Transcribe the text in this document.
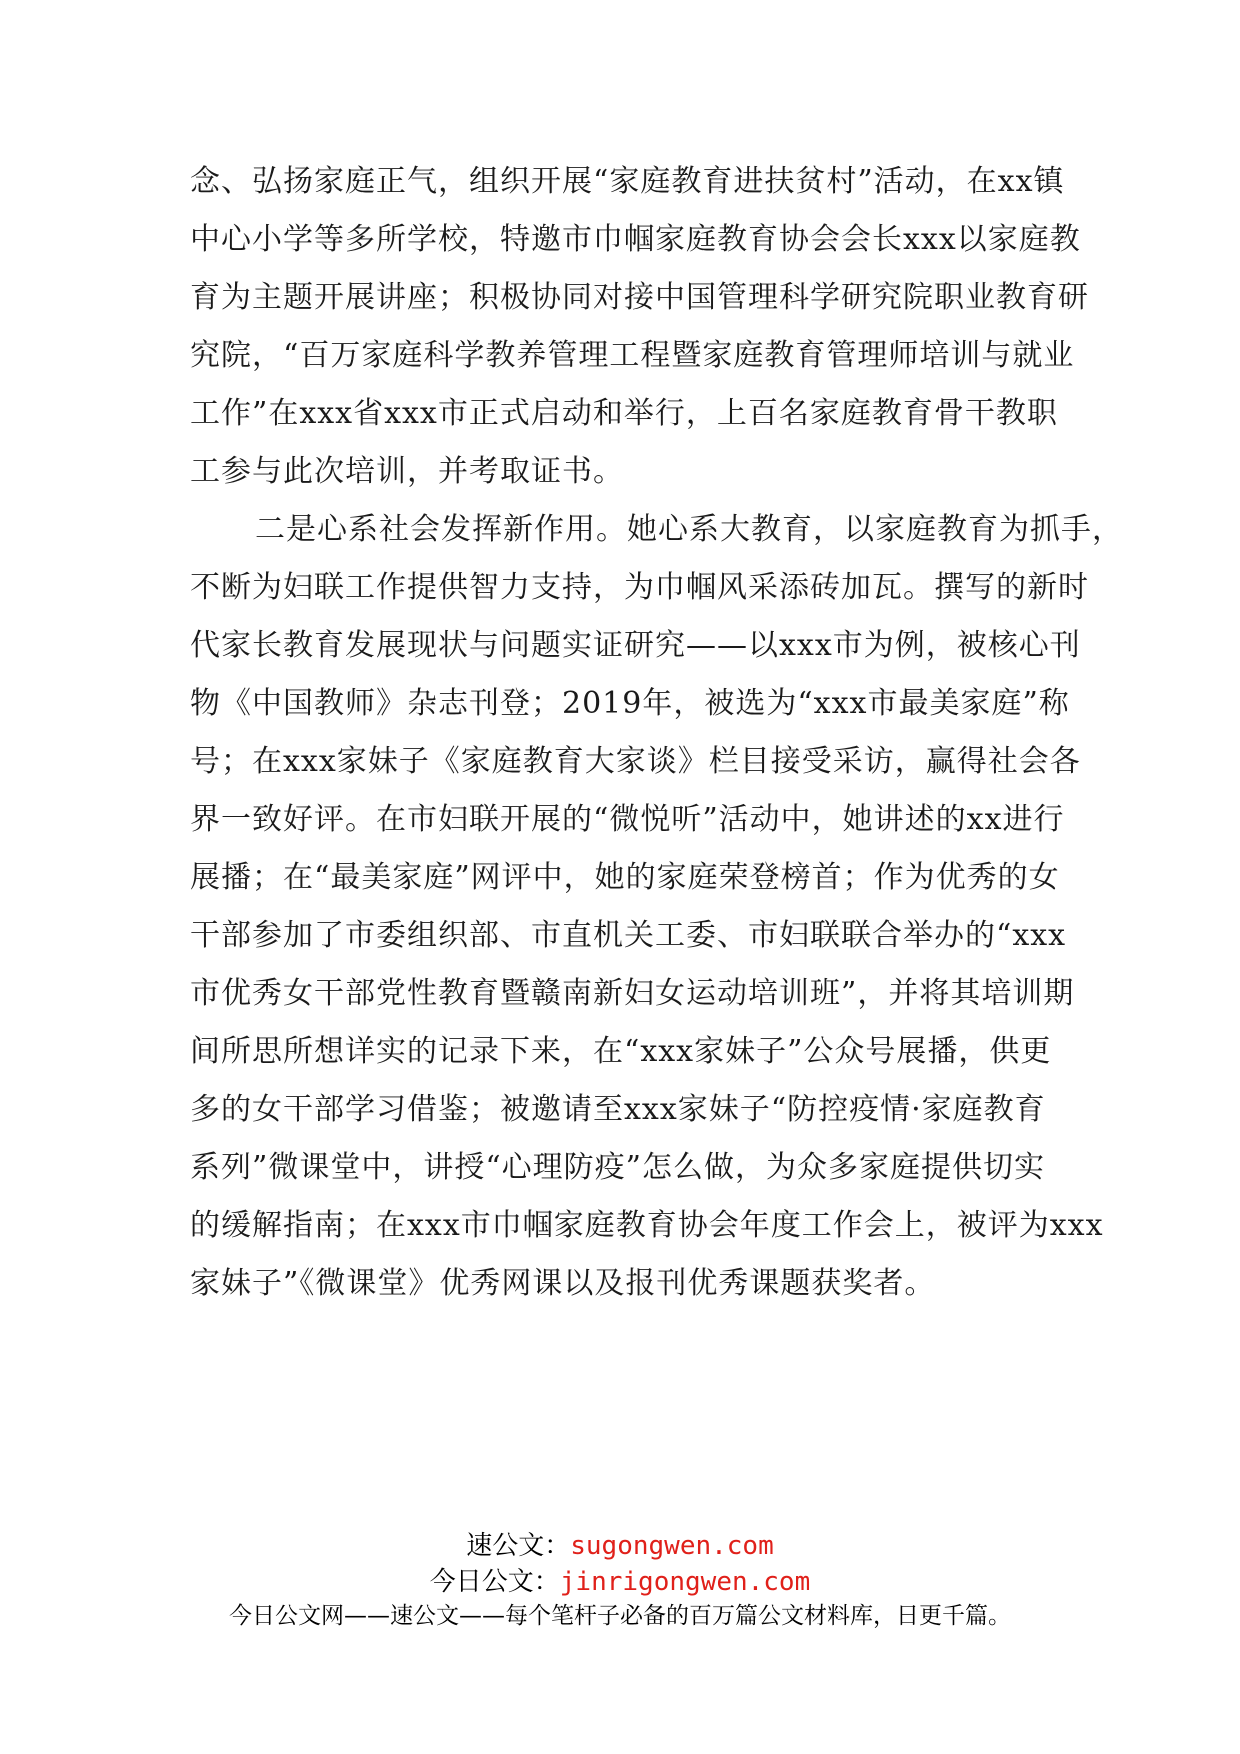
念、弘扬家庭正气，组织开展“家庭教育进扶贫村”活动，在xx镇
中心小学等多所学校，特邀市巾帼家庭教育协会会长xxx以家庭教
育为主题开展讲座；积极协同对接中国管理科学研究院职业教育研
究院，“百万家庭科学教养管理工程暨家庭教育管理师培训与就业
工作”在xxx省xxx市正式启动和举行，上百名家庭教育骨干教职
工参与此次培训，并考取证书。
二是心系社会发挥新作用。她心系大教育，以家庭教育为抓手，
不断为妇联工作提供智力支持，为巾帼风采添砖加瓦。撰写的新时
代家长教育发展现状与问题实证研究——以xxx市为例，被核心刊
物《中国教师》杂志刊登；2019年，被选为“xxx市最美家庭”称
号；在xxx家妹子《家庭教育大家谈》栏目接受采访，赢得社会各
界一致好评。在市妇联开展的“微悦听”活动中，她讲述的xx进行
展播；在“最美家庭”网评中，她的家庭荣登榜首；作为优秀的女
干部参加了市委组织部、市直机关工委、市妇联联合举办的“xxx
市优秀女干部党性教育暨赣南新妇女运动培训班”，并将其培训期
间所思所想详实的记录下来，在“xxx家妹子”公众号展播，供更
多的女干部学习借鉴；被邀请至xxx家妹子“防控疫情·家庭教育
系列”微课堂中，讲授“心理防疫”怎么做，为众多家庭提供切实
的缓解指南；在xxx市巾帼家庭教育协会年度工作会上，被评为xxx
家妹子”《微课堂》优秀网课以及报刊优秀课题获奖者。
速公文：sugongwen.com
今日公文：jinrigongwen.com
今日公文网——速公文——每个笔杆子必备的百万篇公文材料库，日更千篇。
